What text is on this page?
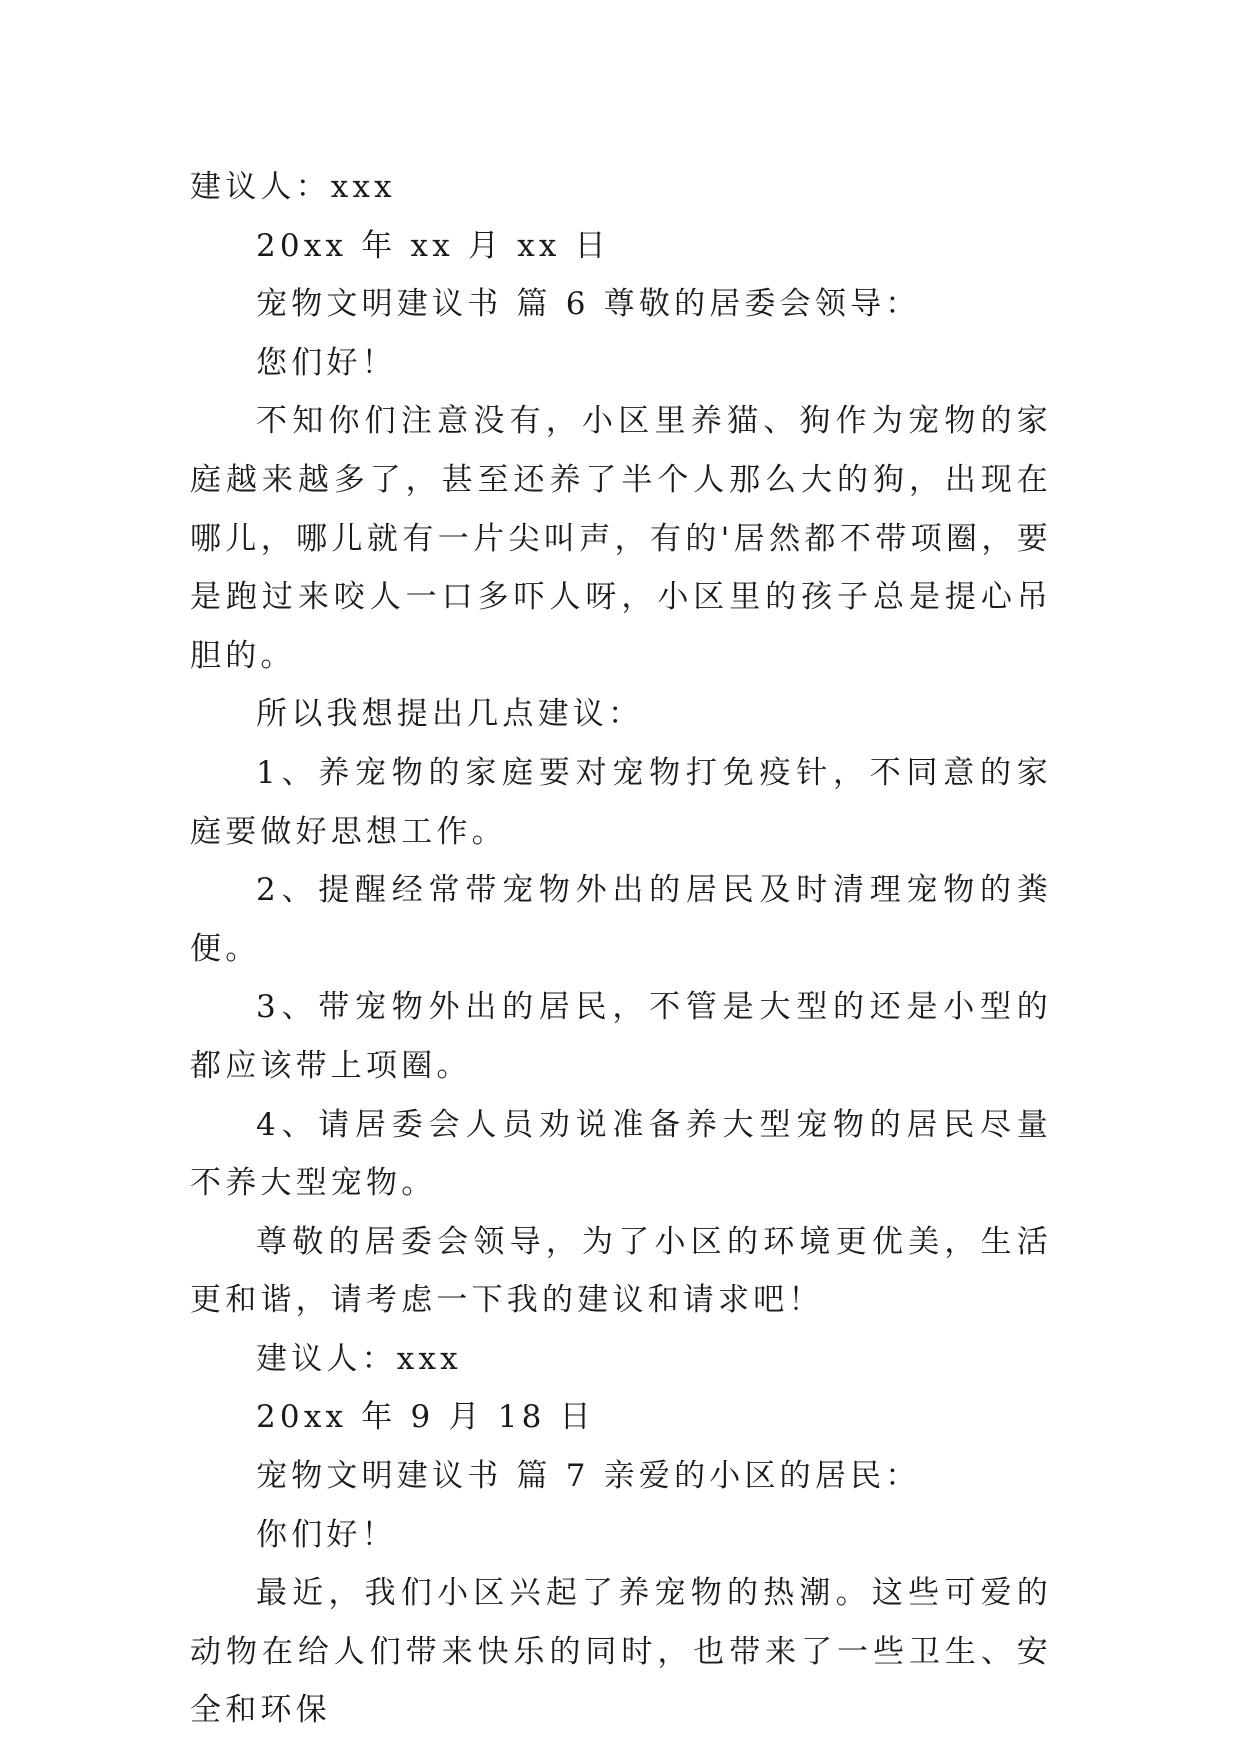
建议人：xxx

20xx 年 xx 月 xx 日

宠物文明建议书 篇 6 尊敬的居委会领导：

您们好！

不知你们注意没有，小区里养猫、狗作为宠物的家庭越来越多了，甚至还养了半个人那么大的狗，出现在哪儿，哪儿就有一片尖叫声，有的'居然都不带项圈，要是跑过来咬人一口多吓人呀，小区里的孩子总是提心吊胆的。

所以我想提出几点建议：

1、养宠物的家庭要对宠物打免疫针，不同意的家庭要做好思想工作。

2、提醒经常带宠物外出的居民及时清理宠物的粪便。

3、带宠物外出的居民，不管是大型的还是小型的都应该带上项圈。

4、请居委会人员劝说准备养大型宠物的居民尽量不养大型宠物。

尊敬的居委会领导，为了小区的环境更优美，生活更和谐，请考虑一下我的建议和请求吧！

建议人：xxx

20xx 年 9 月 18 日

宠物文明建议书 篇 7 亲爱的小区的居民：

你们好！

最近，我们小区兴起了养宠物的热潮。这些可爱的动物在给人们带来快乐的同时，也带来了一些卫生、安全和环保
